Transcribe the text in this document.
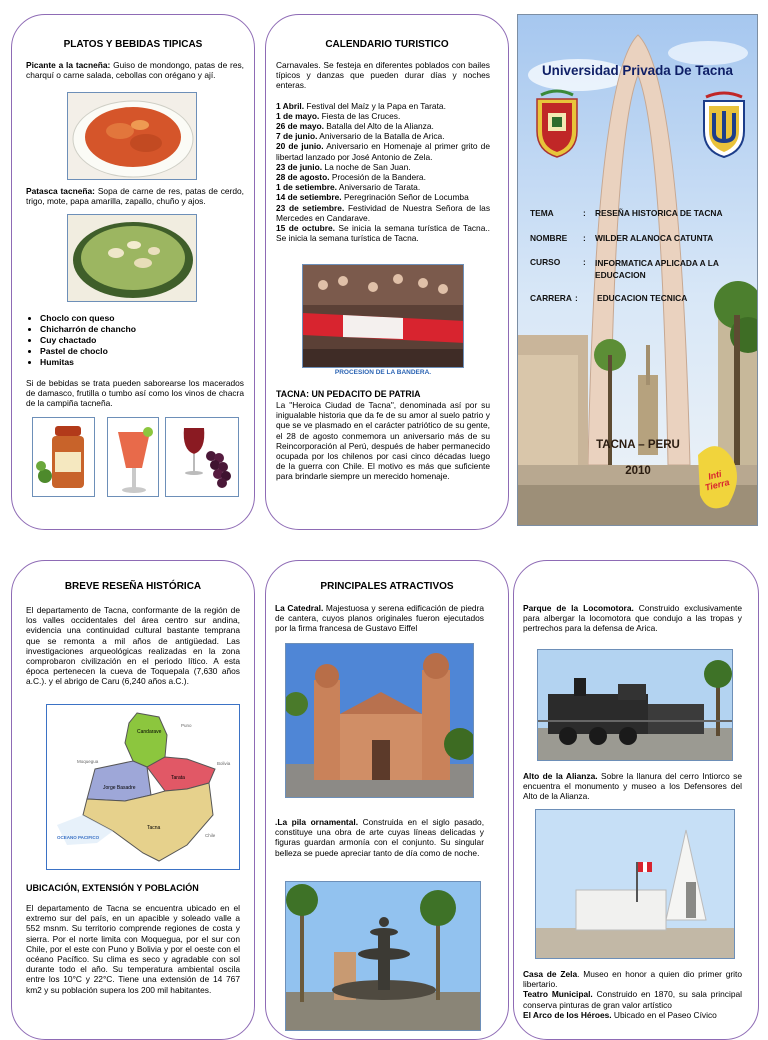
PLATOS Y BEBIDAS TIPICAS

Picante a la tacneña: Guiso de mondongo, patas de res, charquí o carne salada, cebollas con orégano y ají.

Patasca tacneña: Sopa de carne de res, patas de cerdo, trigo, mote, papa amarilla, zapallo, chuño y ajos.

• Choclo con queso
• Chicharrón de chancho
• Cuy chactado
• Pastel de choclo
• Humitas

Si de bebidas se trata pueden saborearse los macerados de damasco, frutilla o tumbo así como los vinos de chacra de la campiña tacneña.

CALENDARIO TURISTICO

Carnavales. Se festeja en diferentes poblados con bailes típicos y danzas que pueden durar días y noches enteras.

1 Abril. Festival del Maíz y la Papa en Tarata.

1 de mayo. Fiesta de las Cruces.

26 de mayo. Batalla del Alto de la Alianza.

7 de junio. Aniversario de la Batalla de Arica.

20 de junio. Aniversario en Homenaje al primer grito de libertad lanzado por José Antonio de Zela.

23 de junio. La noche de San Juan.

28 de agosto. Procesión de la Bandera.

1 de setiembre. Aniversario de Tarata.

14 de setiembre. Peregrinación Señor de Locumba

23 de setiembre. Festividad de Nuestra Señora de las Mercedes en Candarave.

15 de octubre. Se inicia la semana turística de Tacna.. Se inicia la semana turística de Tacna.

PROCESION DE LA BANDERA.
TACNA: UN PEDACITO DE PATRIA

La "Heroica Ciudad de Tacna", denominada así por su inigualable historia que da fe de su amor al suelo patrio y que se ve plasmado en el carácter patriótico de su gente, el 28 de agosto conmemora un aniversario más de su Reincorporación al Perú, después de haber permanecido ocupada por los chilenos por casi cinco décadas luego de la guerra con Chile. El motivo es más que suficiente para brindarle siempre un merecido homenaje.

Universidad Privada De Tacna
TEMA	: RESEÑA HISTORICA DE TACNA
NOMBRE : WILDER ALANOCA CATUNTA
CURSO	: INFORMATICA APLICADA A LA EDUCACION
CARRERA : EDUCACION TECNICA
TACNA – PERU
2010	Inti Tierra
BREVE RESEÑA HISTÓRICA

El departamento de Tacna, conformante de la región de los valles occidentales del área centro sur andina, evidencia una continuidad cultural bastante temprana que se remonta a mil años de antigüedad. Las investigaciones arqueológicas realizadas en la zona comprobaron civilización en el periodo lítico. A esta época pertenecen la cueva de Toquepala (7,630 años a.C.). y el abrigo de Caru (6,240 años a.C.).

Candarave
Tarata
Jorge Basadre
Tacna
OCEANO PACIFICO
Puno
Moquegua	Bolivia
Chile
UBICACIÓN, EXTENSIÓN Y POBLACIÓN

El departamento de Tacna se encuentra ubicado en el extremo sur del país, en un apacible y soleado valle a 552 msnm. Su territorio comprende regiones de costa y sierra. Por el norte limita con Moquegua, por el sur con Chile, por el este con Puno y Bolivia y por el oeste con el océano Pacífico. Su clima es seco y agradable con sol durante todo el año. Su temperatura ambiental oscila entre los 10°C y 22°C. Tiene una extensión de 14 767 km2 y su población supera los 200 mil habitantes.

PRINCIPALES ATRACTIVOS

La Catedral. Majestuosa y serena edificación de piedra de cantera, cuyos planos originales fueron ejecutados por la firma francesa de Gustavo Eiffel

.La pila ornamental. Construida en el siglo pasado, constituye una obra de arte cuyas líneas delicadas y figuras guardan armonía con el conjunto. Su singular belleza se puede apreciar tanto de día como de noche.

Parque de la Locomotora. Construido exclusivamente para albergar la locomotora que condujo a las tropas y pertrechos para la defensa de Arica.

Alto de la Alianza. Sobre la llanura del cerro Intiorco se encuentra el monumento y museo a los Defensores del Alto de la Alianza.

Casa de Zela. Museo en honor a quien dio primer grito libertario.
Teatro Municipal. Construido en 1870, su sala principal conserva pinturas de gran valor artístico
El Arco de los Héroes. Ubicado en el Paseo Cívico
